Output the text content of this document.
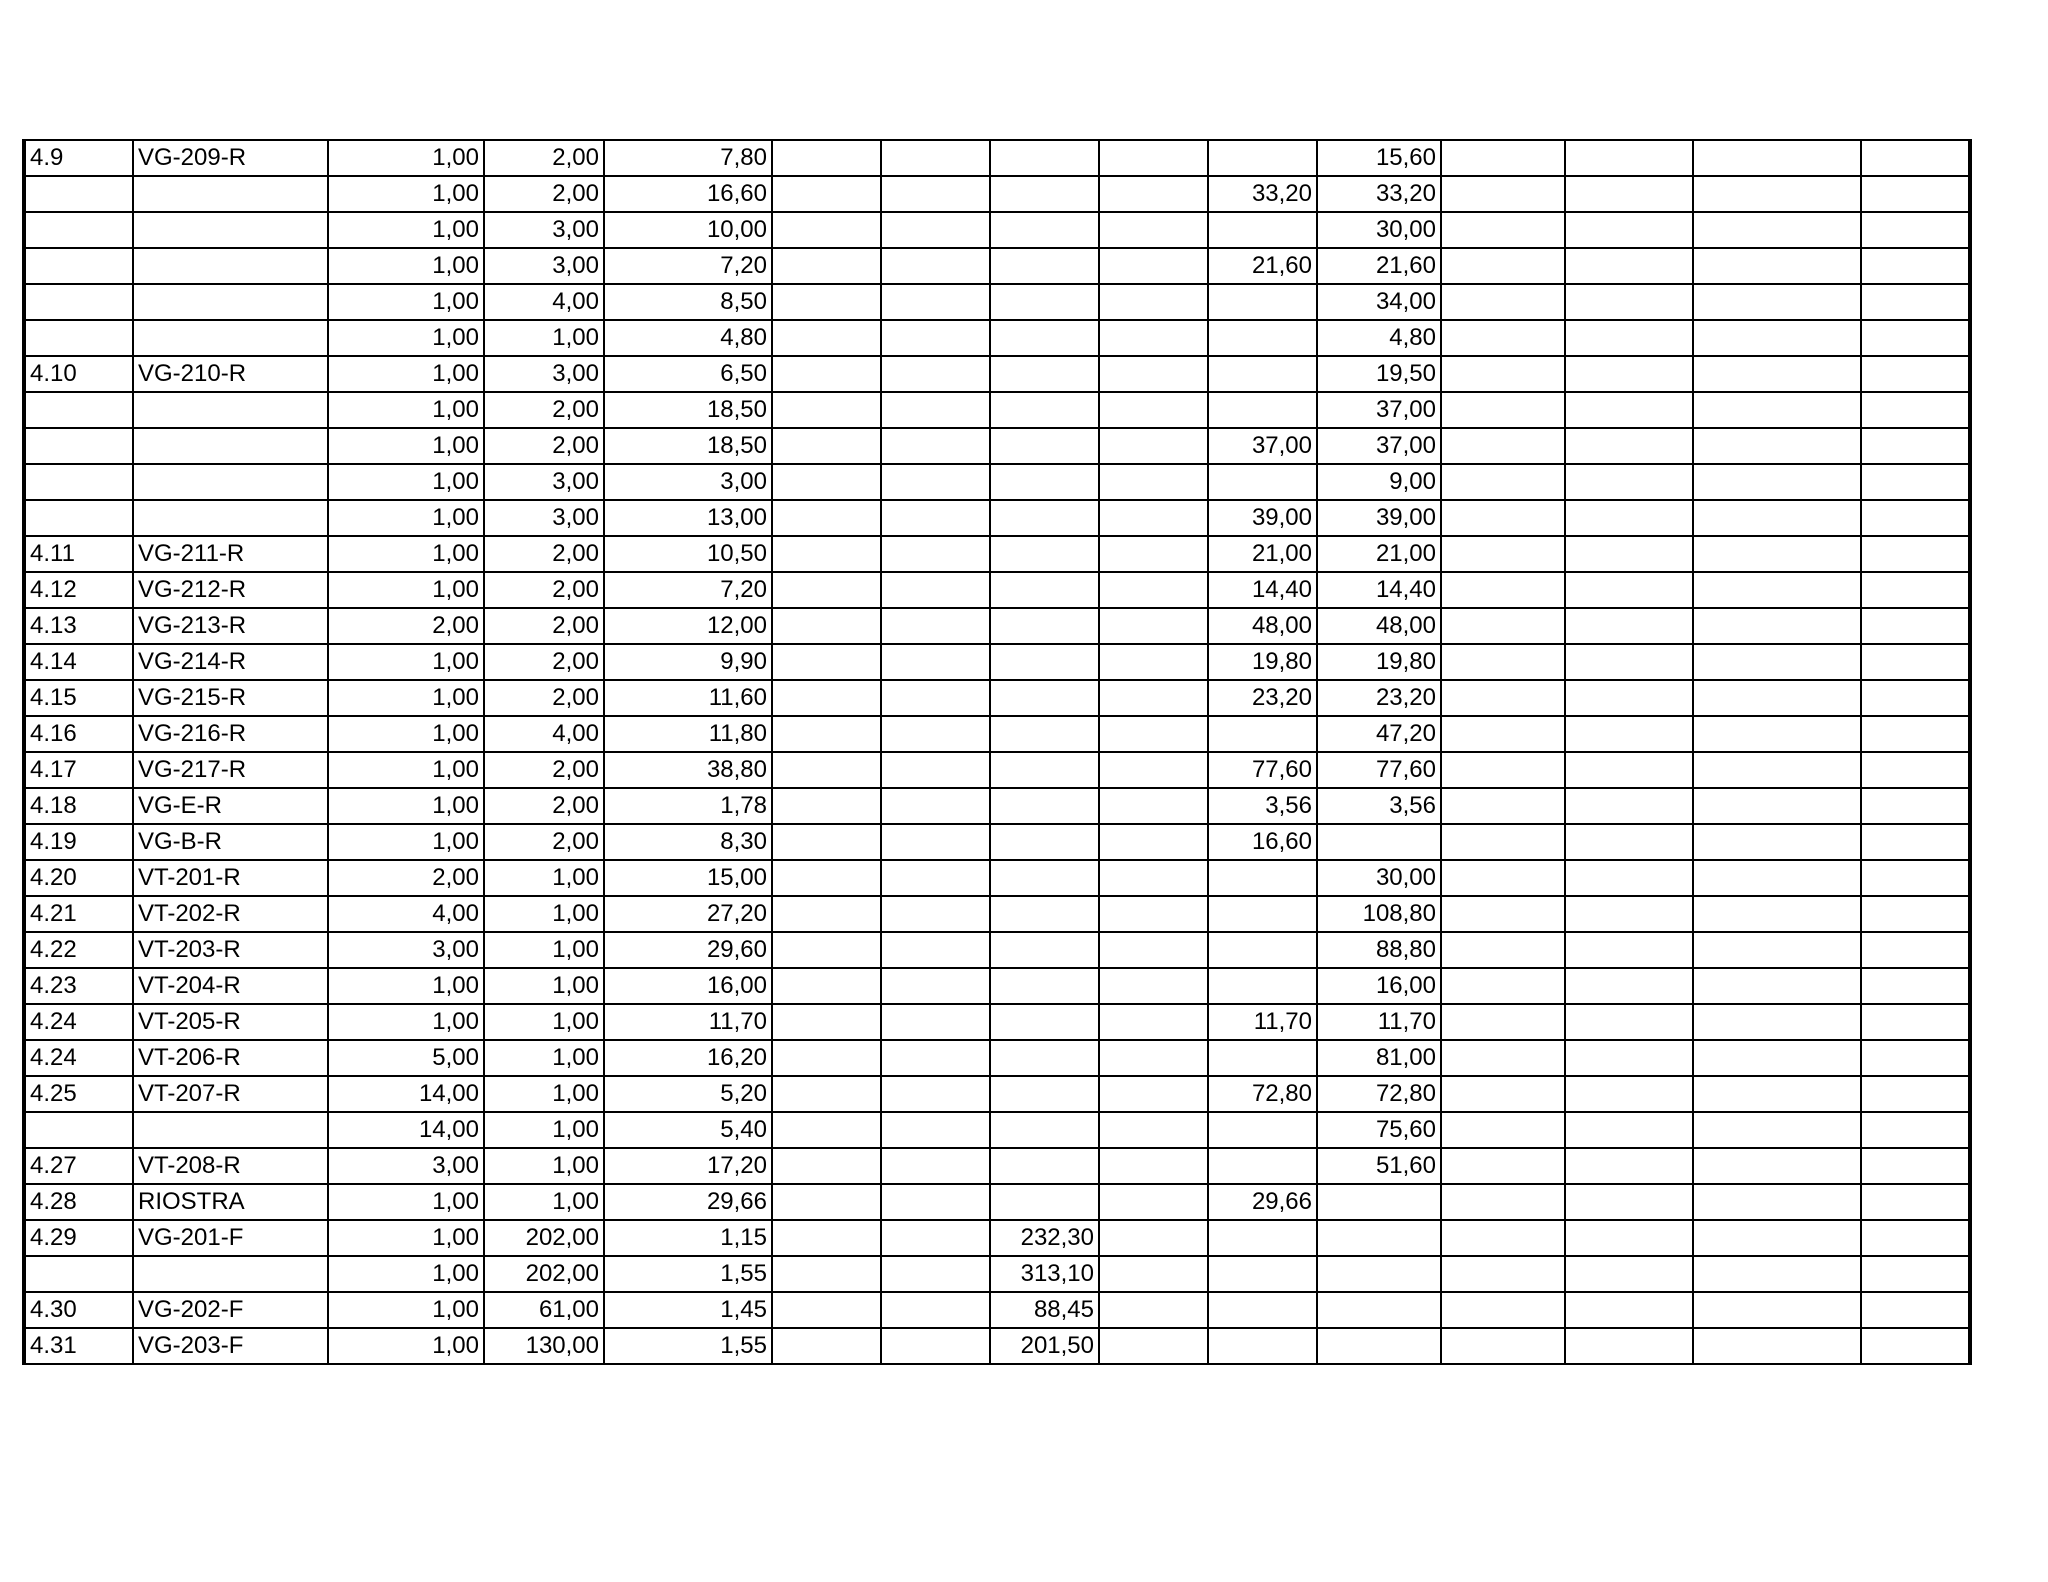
4.9	VG-209-R	1,00	2,00	7,80						15,60				
		1,00	2,00	16,60					33,20	33,20				
		1,00	3,00	10,00						30,00				
		1,00	3,00	7,20					21,60	21,60				
		1,00	4,00	8,50						34,00				
		1,00	1,00	4,80						4,80				
4.10	VG-210-R	1,00	3,00	6,50						19,50				
		1,00	2,00	18,50						37,00				
		1,00	2,00	18,50					37,00	37,00				
		1,00	3,00	3,00						9,00				
		1,00	3,00	13,00					39,00	39,00				
4.11	VG-211-R	1,00	2,00	10,50					21,00	21,00				
4.12	VG-212-R	1,00	2,00	7,20					14,40	14,40				
4.13	VG-213-R	2,00	2,00	12,00					48,00	48,00				
4.14	VG-214-R	1,00	2,00	9,90					19,80	19,80				
4.15	VG-215-R	1,00	2,00	11,60					23,20	23,20				
4.16	VG-216-R	1,00	4,00	11,80						47,20				
4.17	VG-217-R	1,00	2,00	38,80					77,60	77,60				
4.18	VG-E-R	1,00	2,00	1,78					3,56	3,56				
4.19	VG-B-R	1,00	2,00	8,30					16,60					
4.20	VT-201-R	2,00	1,00	15,00						30,00				
4.21	VT-202-R	4,00	1,00	27,20						108,80				
4.22	VT-203-R	3,00	1,00	29,60						88,80				
4.23	VT-204-R	1,00	1,00	16,00						16,00				
4.24	VT-205-R	1,00	1,00	11,70					11,70	11,70				
4.24	VT-206-R	5,00	1,00	16,20						81,00				
4.25	VT-207-R	14,00	1,00	5,20					72,80	72,80				
		14,00	1,00	5,40						75,60				
4.27	VT-208-R	3,00	1,00	17,20						51,60				
4.28	RIOSTRA	1,00	1,00	29,66					29,66					
4.29	VG-201-F	1,00	202,00	1,15			232,30							
		1,00	202,00	1,55			313,10							
4.30	VG-202-F	1,00	61,00	1,45			88,45							
4.31	VG-203-F	1,00	130,00	1,55			201,50							
